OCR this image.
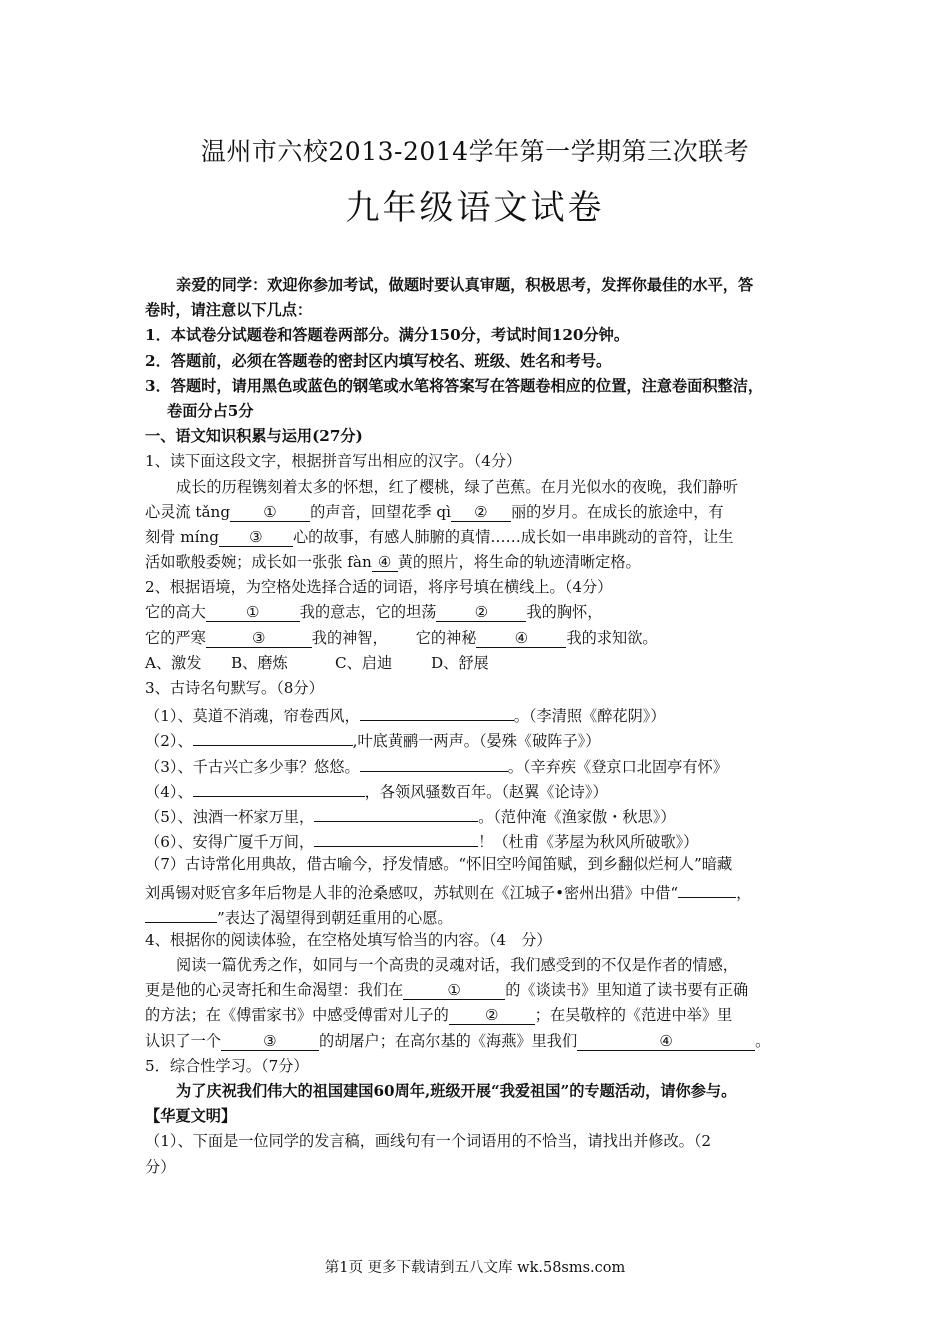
温州市六校2013-2014学年第一学期第三次联考
九年级语文试卷
亲爱的同学：欢迎你参加考试，做题时要认真审题，积极思考，发挥你最佳的水平，答
卷时，请注意以下几点：
1．本试卷分试题卷和答题卷两部分。满分150分，考试时间120分钟。
2．答题前，必须在答题卷的密封区内填写校名、班级、姓名和考号。
3．答题时，请用黑色或蓝色的钢笔或水笔将答案写在答题卷相应的位置，注意卷面积整洁，
卷面分占5分
一、语文知识积累与运用(27分)
1、读下面这段文字，根据拼音写出相应的汉字。（4分）
成长的历程镌刻着太多的怀想，红了樱桃，绿了芭蕉。在月光似水的夜晚，我们静听
心灵流 tǎng ① 的声音，回望花季 qì ② 丽的岁月。在成长的旅途中，有
刻骨 míng ③ 心的故事，有感人肺腑的真情……成长如一串串跳动的音符，让生
活如歌般委婉；成长如一张张 fàn ④ 黄的照片，将生命的轨迹清晰定格。
2、根据语境，为空格处选择合适的词语，将序号填在横线上。（4分）
它的高大	①	我的意志，它的坦荡	②	我的胸怀，
它的严寒	③	我的神智， 它的神秘	④	我的求知欲。
A、激发 B、磨炼	C、启迪	D、舒展
3、古诗名句默写。（8分）
（1）、莫道不消魂，帘卷西风，	。（李清照《醉花阴》）
（2）、	,叶底黄鹂一两声。（晏殊《破阵子》）
（3）、千古兴亡多少事？悠悠。	。（辛弃疾《登京口北固亭有怀》
（4）、	，各领风骚数百年。（赵翼《论诗》）
（5）、浊酒一杯家万里，	。（范仲淹《渔家傲・秋思》）
（6）、安得广厦千万间，	！（杜甫《茅屋为秋风所破歌》）
（7）古诗常化用典故，借古喻今，抒发情感。“怀旧空吟闻笛赋，到乡翻似烂柯人”暗藏
刘禹锡对贬官多年后物是人非的沧桑感叹，苏轼则在《江城子•密州出猎》中借“	，
”表达了渴望得到朝廷重用的心愿。
4、根据你的阅读体验，在空格处填写恰当的内容。（4　分）
阅读一篇优秀之作，如同与一个高贵的灵魂对话，我们感受到的不仅是作者的情感，
更是他的心灵寄托和生命渴望：我们在	①	的《谈读书》里知道了读书要有正确
的方法；在《傅雷家书》中感受傅雷对儿子的 ② ；在吴敬梓的《范进中举》里
认识了一个	③	的胡屠户；在高尔基的《海燕》里我们	④	。
5．综合性学习。（7分）
为了庆祝我们伟大的祖国建国60周年,班级开展“我爱祖国”的专题活动，请你参与。
【华夏文明】
（1）、下面是一位同学的发言稿，画线句有一个词语用的不恰当，请找出并修改。（2
分）
第1页 更多下载请到五八文库 wk.58sms.com
